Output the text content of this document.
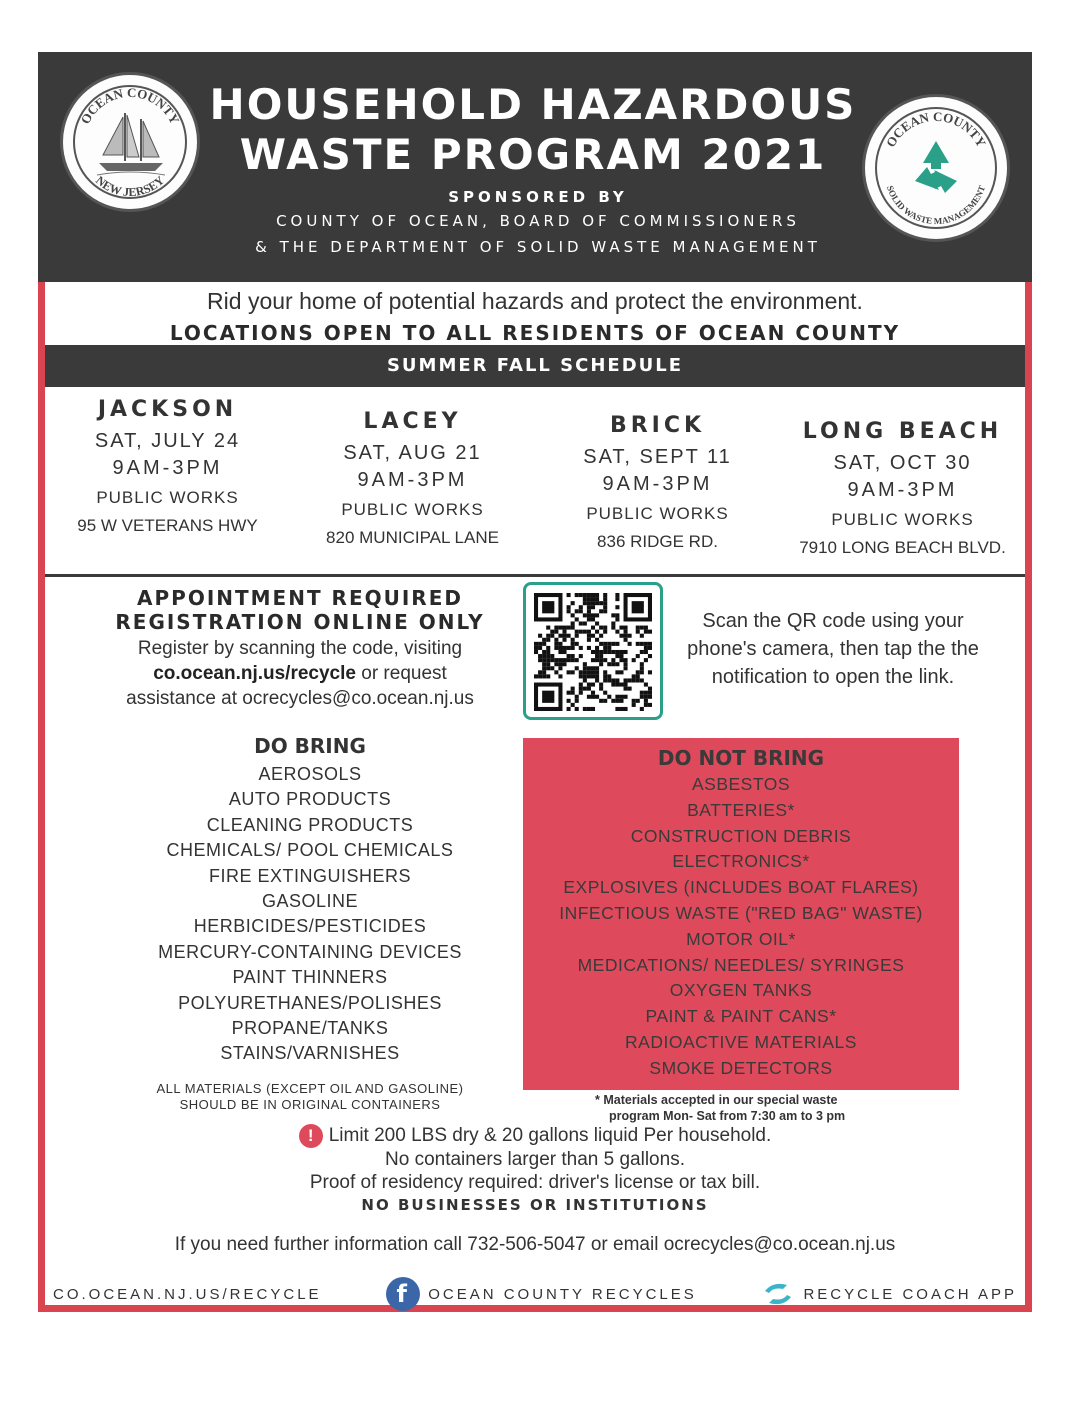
OCEAN COUNTY
NEW JERSEY
HOUSEHOLD HAZARDOUS
WASTE PROGRAM 2021
SPONSORED BY
COUNTY OF OCEAN, BOARD OF COMMISSIONERS
& THE DEPARTMENT OF SOLID WASTE MANAGEMENT
OCEAN COUNTY
SOLID WASTE MANAGEMENT
Rid your home of potential hazards and protect the environment.
LOCATIONS OPEN TO ALL RESIDENTS OF OCEAN COUNTY
SUMMER FALL SCHEDULE
JACKSON
SAT, JULY 24
9AM-3PM
PUBLIC WORKS
95 W VETERANS HWY
LACEY
SAT, AUG 21
9AM-3PM
PUBLIC WORKS
820 MUNICIPAL LANE
BRICK
SAT, SEPT 11
9AM-3PM
PUBLIC WORKS
836 RIDGE RD.
LONG BEACH
SAT, OCT 30
9AM-3PM
PUBLIC WORKS
7910 LONG BEACH BLVD.
APPOINTMENT REQUIRED
REGISTRATION ONLINE ONLY
Register by scanning the code, visiting
co.ocean.nj.us/recycle or request
assistance at ocrecycles@co.ocean.nj.us
Scan the QR code using your phone's camera, then tap the the notification to open the link.
DO BRING
AEROSOLS
AUTO PRODUCTS
CLEANING PRODUCTS
CHEMICALS/ POOL CHEMICALS
FIRE EXTINGUISHERS
GASOLINE
HERBICIDES/PESTICIDES
MERCURY-CONTAINING DEVICES
PAINT THINNERS
POLYURETHANES/POLISHES
PROPANE/TANKS
STAINS/VARNISHES
ALL MATERIALS (EXCEPT OIL AND GASOLINE)
SHOULD BE IN ORIGINAL CONTAINERS
DO NOT BRING
ASBESTOS
BATTERIES*
CONSTRUCTION DEBRIS
ELECTRONICS*
EXPLOSIVES (INCLUDES BOAT FLARES)
INFECTIOUS WASTE ("RED BAG" WASTE)
MOTOR OIL*
MEDICATIONS/ NEEDLES/ SYRINGES
OXYGEN TANKS
PAINT & PAINT CANS*
RADIOACTIVE MATERIALS
SMOKE DETECTORS
* Materials accepted in our special waste
program Mon- Sat from 7:30 am to 3 pm
! Limit 200 LBS dry & 20 gallons liquid Per household.
No containers larger than 5 gallons.
Proof of residency required: driver's license or tax bill.
NO BUSINESSES OR INSTITUTIONS
If you need further information call 732-506-5047 or email ocrecycles@co.ocean.nj.us
CO.OCEAN.NJ.US/RECYCLE	f	OCEAN COUNTY RECYCLES	RECYCLE COACH APP
